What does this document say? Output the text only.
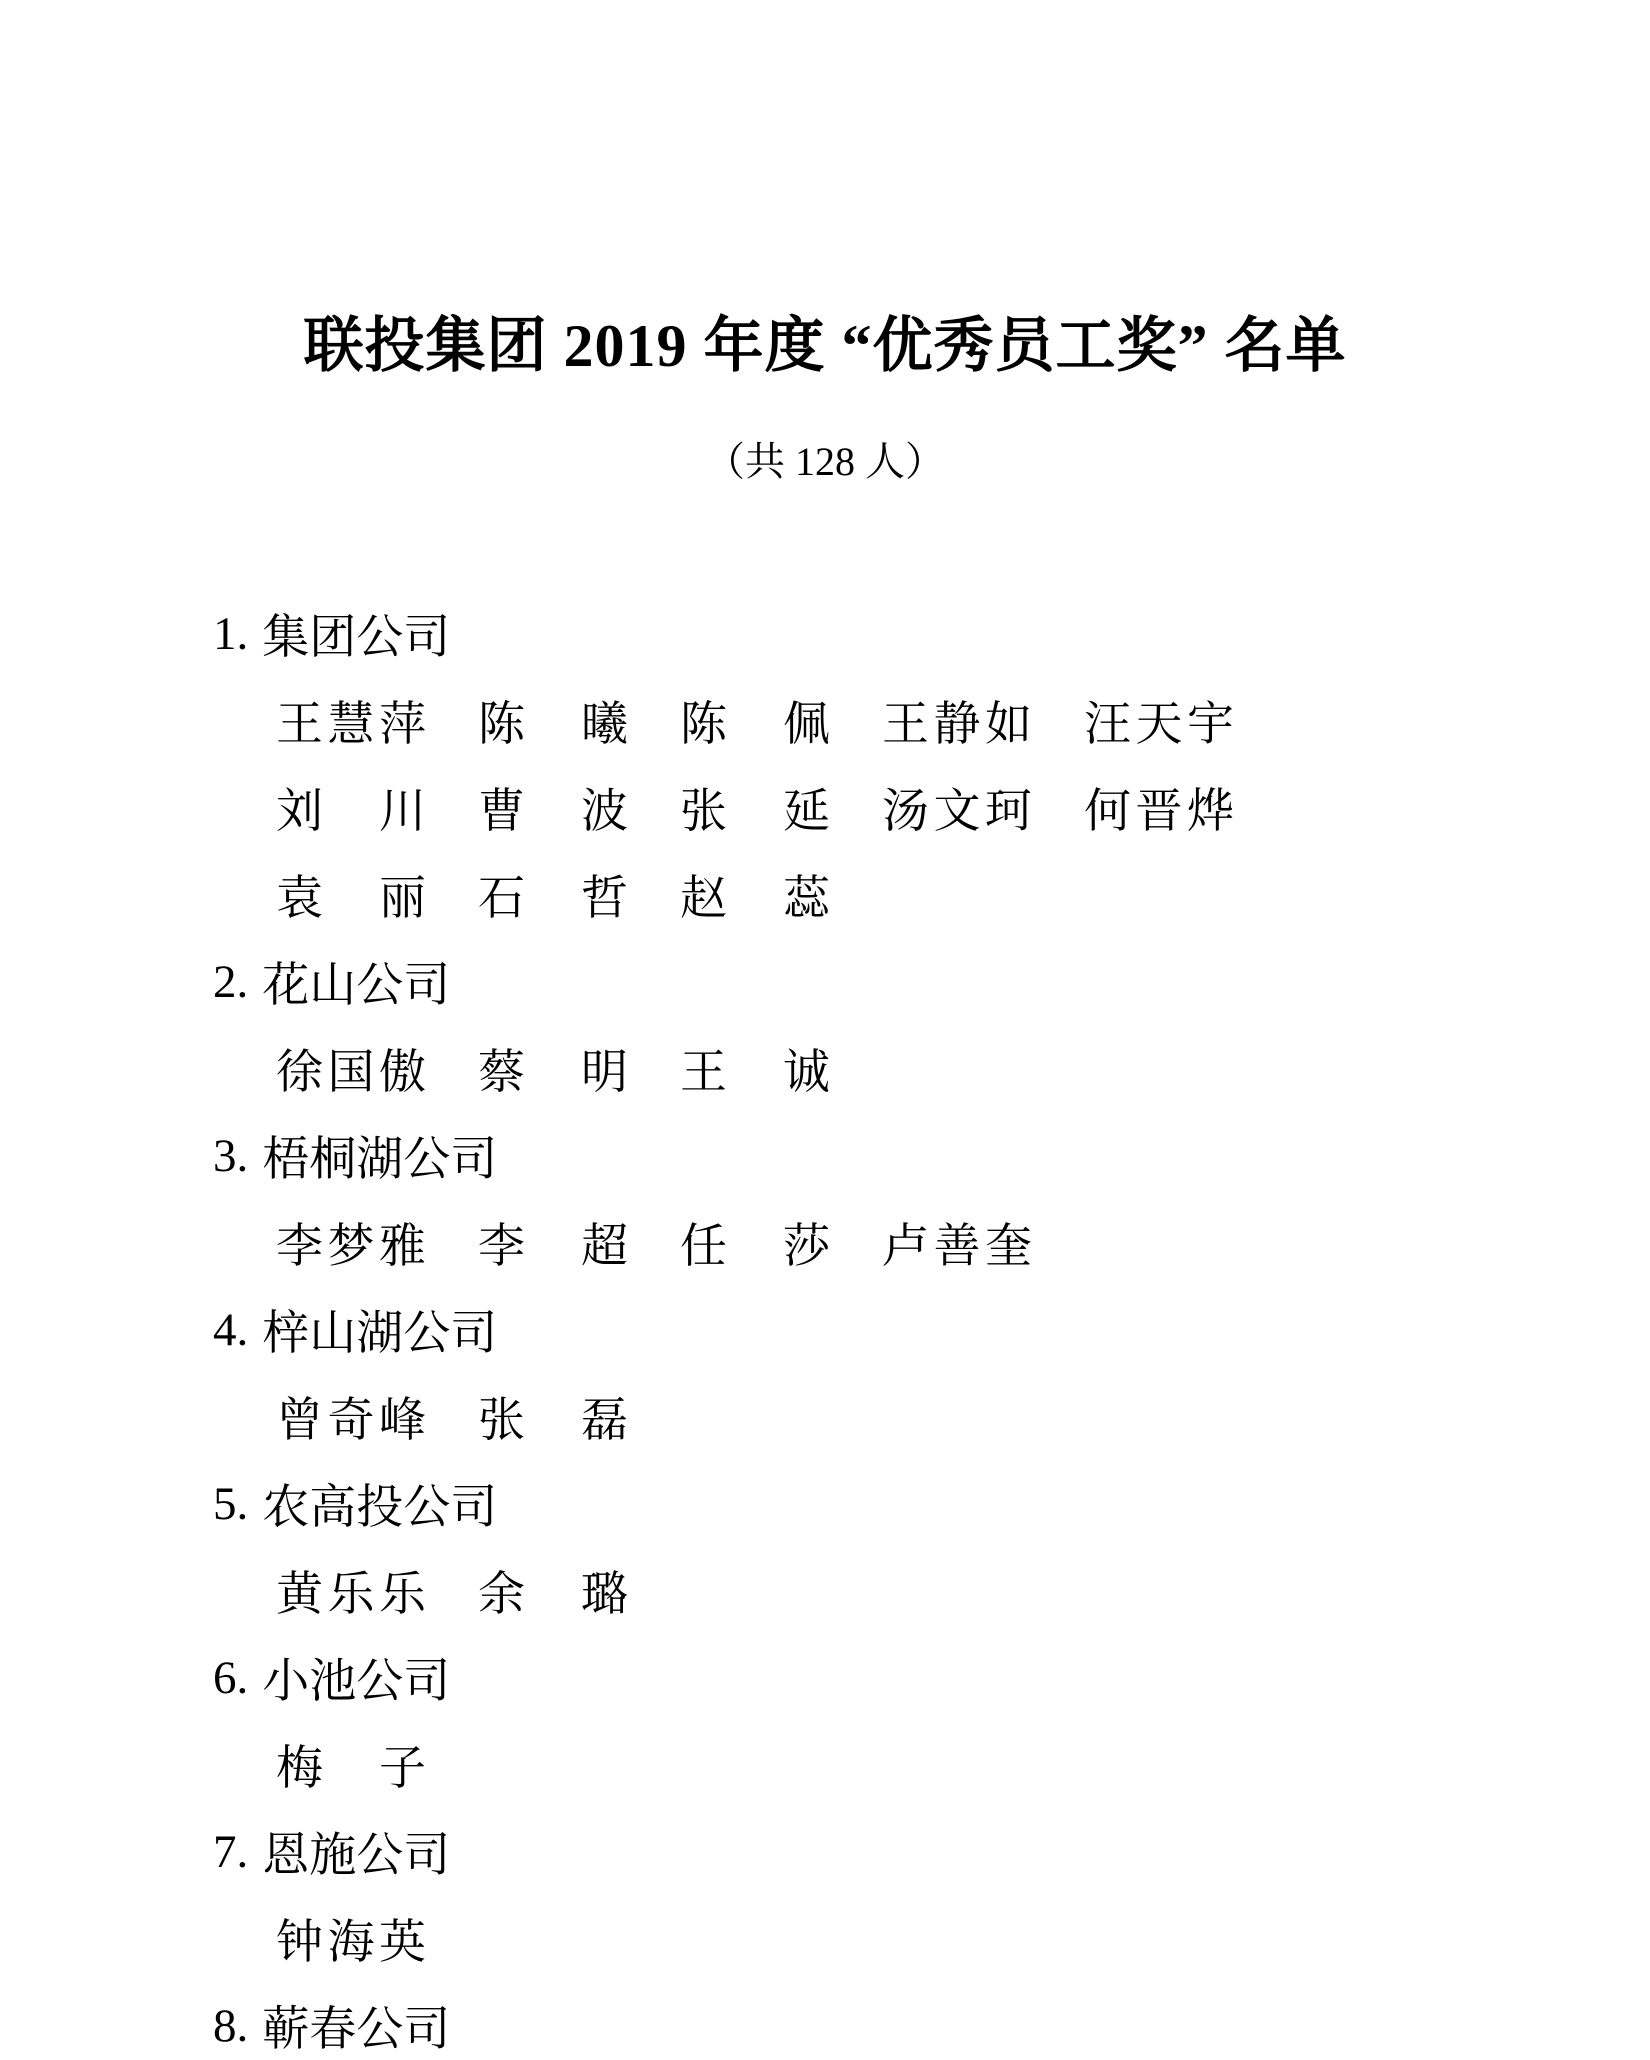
联投集团 2019 年度 “优秀员工奖” 名单
（共 128 人）
1. 集团公司
王慧萍 陈曦 陈佩 王静如 汪天宇
刘川 曹波 张延 汤文珂 何晋烨
袁丽 石哲 赵蕊
2. 花山公司
徐国傲 蔡明 王诚
3. 梧桐湖公司
李梦雅 李超 任莎 卢善奎
4. 梓山湖公司
曾奇峰 张磊
5. 农高投公司
黄乐乐 余璐
6. 小池公司
梅子
7. 恩施公司
钟海英
8. 蕲春公司
